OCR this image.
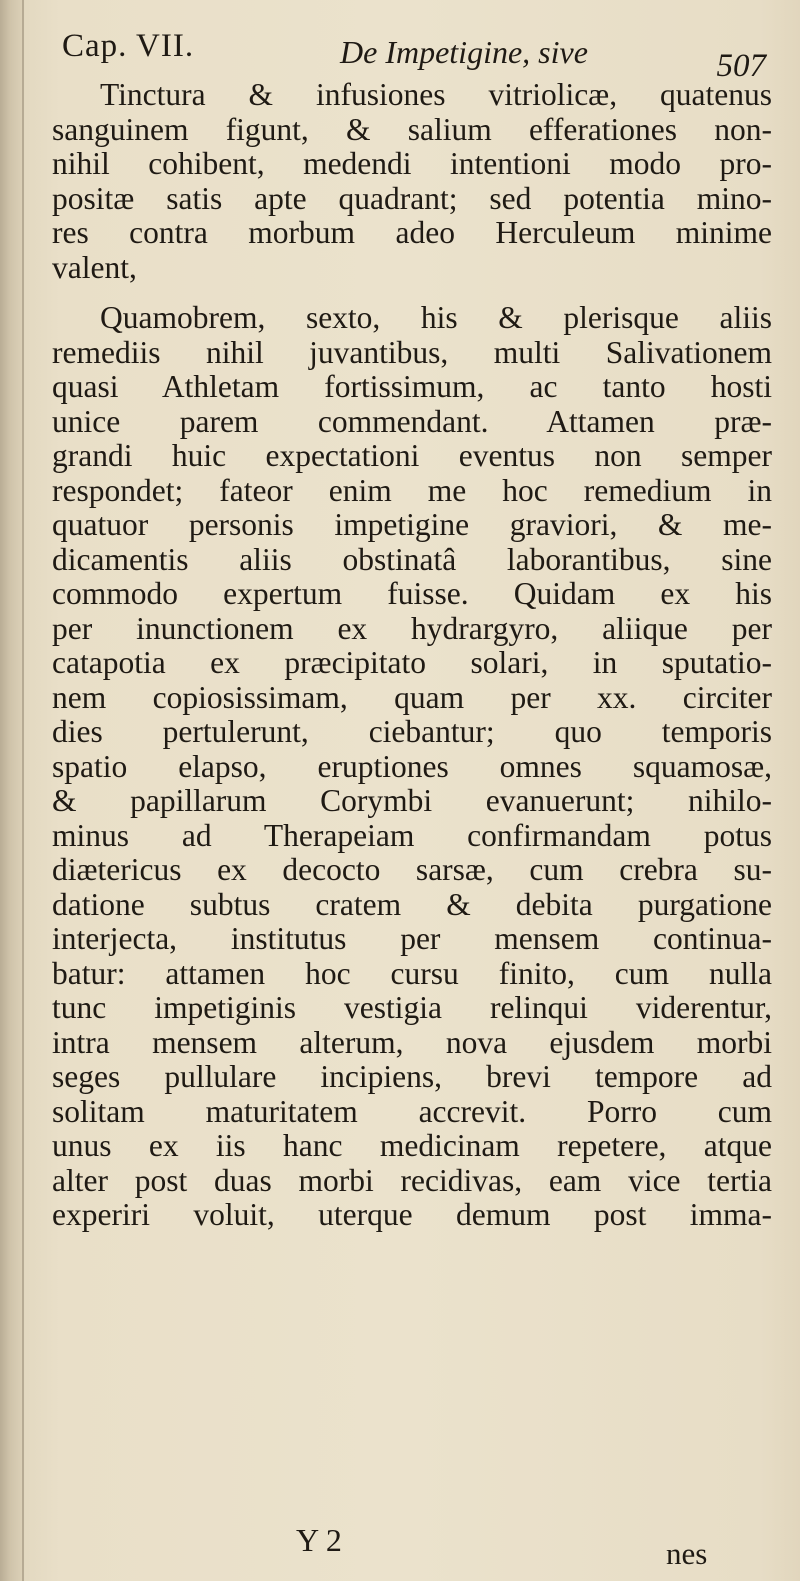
Cap. VII.	De Impetigine, sive	507
Tinctura & infusiones vitriolicæ, quatenus
sanguinem figunt, & salium efferationes non-
nihil cohibent, medendi intentioni modo pro-
positæ satis apte quadrant; sed potentia mino-
res contra morbum adeo Herculeum minime
valent,
Quamobrem, sexto, his & plerisque aliis
remediis nihil juvantibus, multi Salivationem
quasi Athletam fortissimum, ac tanto hosti
unice parem commendant. Attamen præ-
grandi huic expectationi eventus non semper
respondet; fateor enim me hoc remedium in
quatuor personis impetigine graviori, & me-
dicamentis aliis obstinatâ laborantibus, sine
commodo expertum fuisse. Quidam ex his
per inunctionem ex hydrargyro, aliique per
catapotia ex præcipitato solari, in sputatio-
nem copiosissimam, quam per xx. circiter
dies pertulerunt, ciebantur; quo temporis
spatio elapso, eruptiones omnes squamosæ,
& papillarum Corymbi evanuerunt; nihilo-
minus ad Therapeiam confirmandam potus
diætericus ex decocto sarsæ, cum crebra su-
datione subtus cratem & debita purgatione
interjecta, institutus per mensem continua-
batur: attamen hoc cursu finito, cum nulla
tunc impetiginis vestigia relinqui viderentur,
intra mensem alterum, nova ejusdem morbi
seges pullulare incipiens, brevi tempore ad
solitam maturitatem accrevit. Porro cum
unus ex iis hanc medicinam repetere, atque
alter post duas morbi recidivas, eam vice tertia
experiri voluit, uterque demum post imma-
Y 2	nes
